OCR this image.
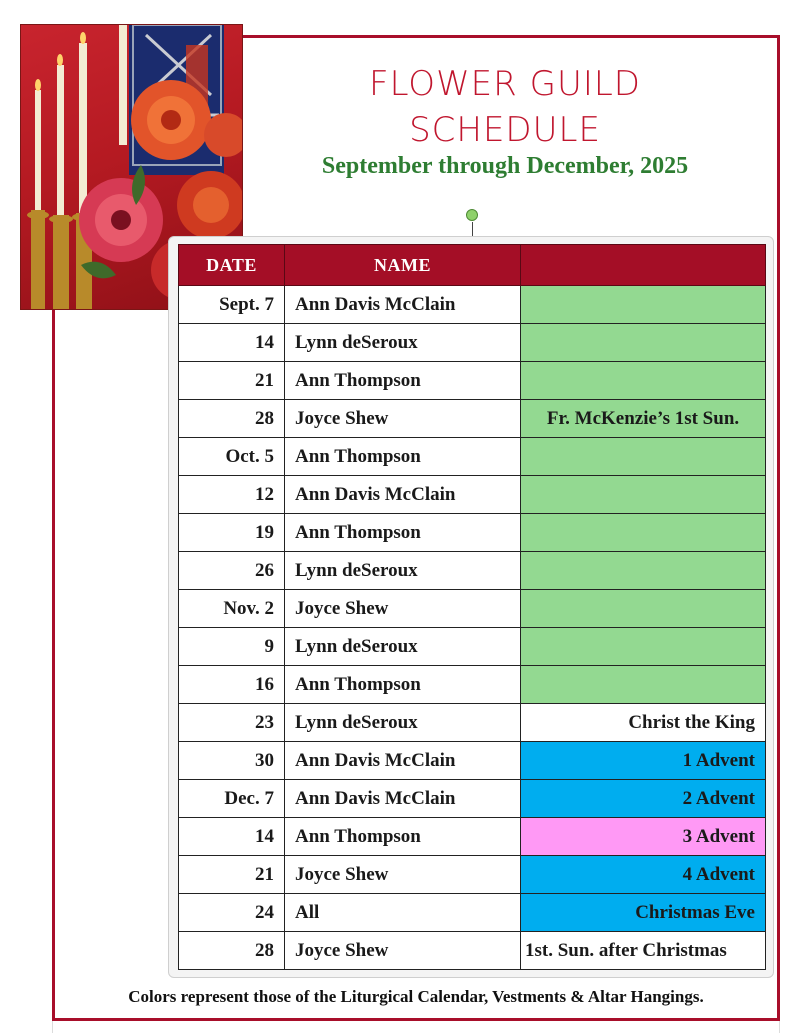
FLOWER GUILD
SCHEDULE
September through December, 2025
DATE	NAME	
Sept. 7	Ann Davis McClain	
14	Lynn deSeroux	
21	Ann Thompson	
28	Joyce Shew	Fr. McKenzie’s 1st Sun.
Oct. 5	Ann Thompson	
12	Ann Davis McClain	
19	Ann Thompson	
26	Lynn deSeroux	
Nov. 2	Joyce Shew	
9	Lynn deSeroux	
16	Ann Thompson	
23	Lynn deSeroux	Christ the King
30	Ann Davis McClain	1 Advent
Dec. 7	Ann Davis McClain	2 Advent
14	Ann Thompson	3 Advent
21	Joyce Shew	4 Advent
24	All	Christmas Eve
28	Joyce Shew	1st. Sun. after Christmas
Colors represent those of the Liturgical Calendar, Vestments & Altar Hangings.
